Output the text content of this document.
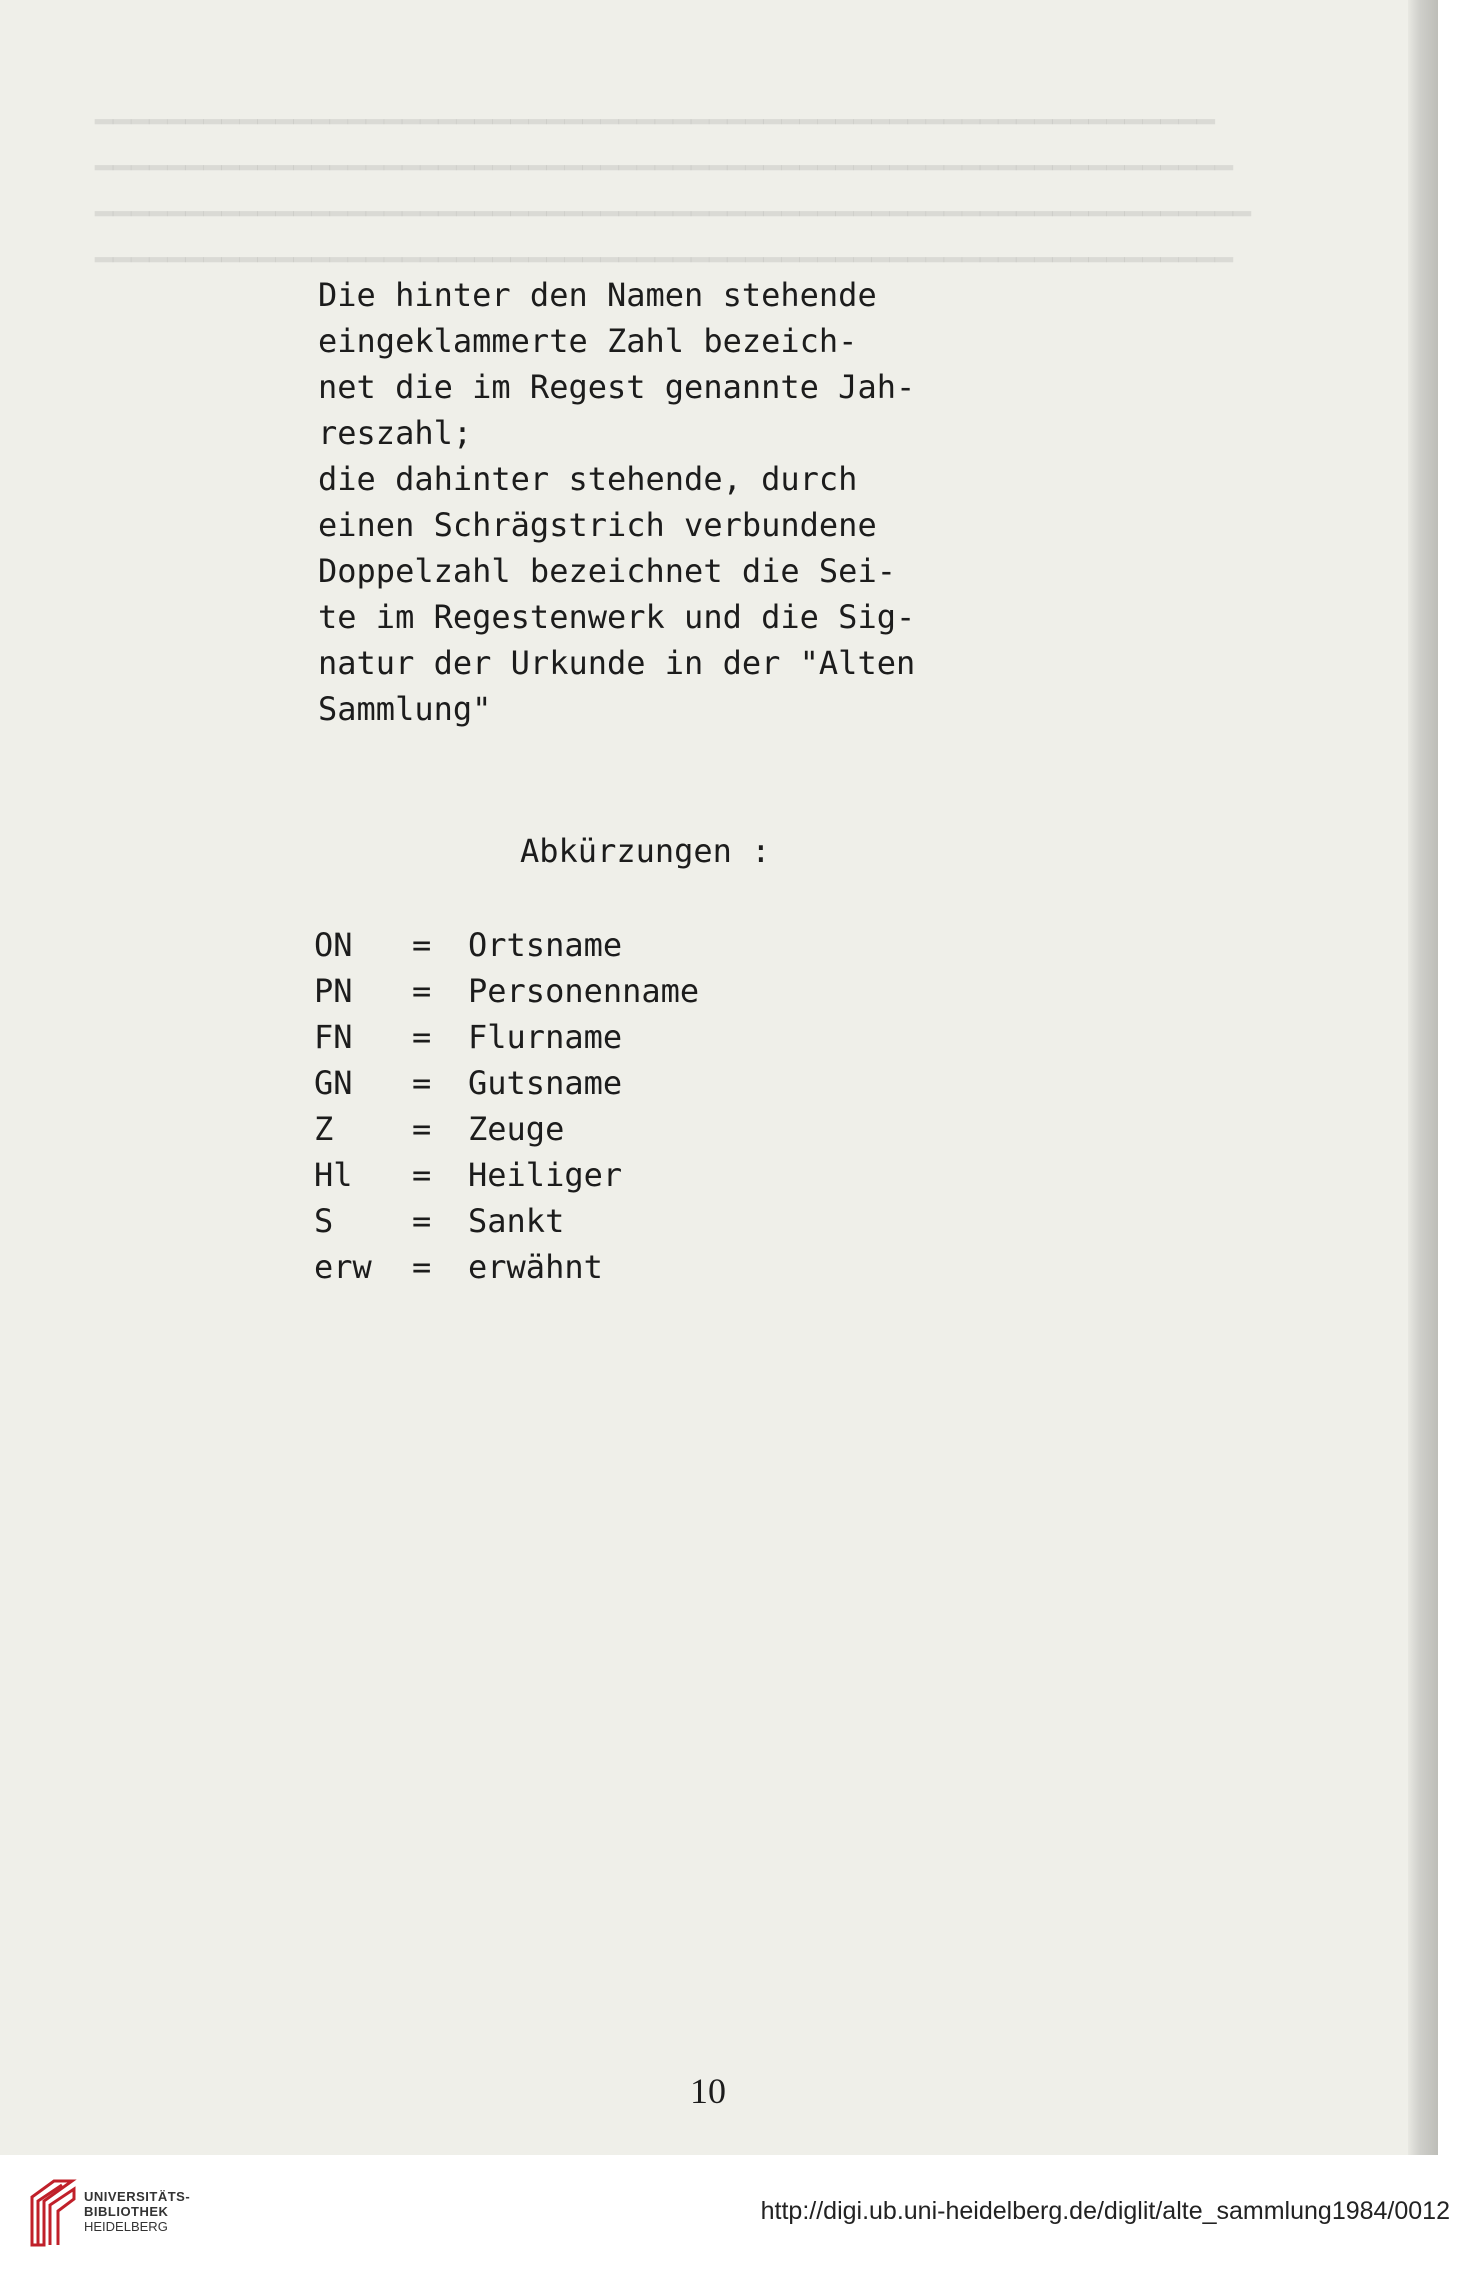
━━━━━━━━━━━━━━━━━━━━━━━━━━━━━━━━━━━━━━━━━━━━━━━━━━━━━━━━━━━━━━
━━━━━━━━━━━━━━━━━━━━━━━━━━━━━━━━━━━━━━━━━━━━━━━━━━━━━━━━━━━━━━━
━━━━━━━━━━━━━━━━━━━━━━━━━━━━━━━━━━━━━━━━━━━━━━━━━━━━━━━━━━━━━━━━
━━━━━━━━━━━━━━━━━━━━━━━━━━━━━━━━━━━━━━━━━━━━━━━━━━━━━━━━━━━━━━━
Die hinter den Namen stehende
eingeklammerte Zahl bezeich-
net die im Regest genannte Jah-
reszahl;
die dahinter stehende, durch
einen Schrägstrich verbundene
Doppelzahl bezeichnet die Sei-
te im Regestenwerk und die Sig-
natur der Urkunde in der "Alten
Sammlung"
Abkürzungen :
ON	=	Ortsname
PN	=	Personenname
FN	=	Flurname
GN	=	Gutsname
Z	=	Zeuge
Hl	=	Heiliger
S	=	Sankt
erw	=	erwähnt
10
UNIVERSITÄTS-
BIBLIOTHEK
HEIDELBERG
http://digi.ub.uni-heidelberg.de/diglit/alte_sammlung1984/0012
